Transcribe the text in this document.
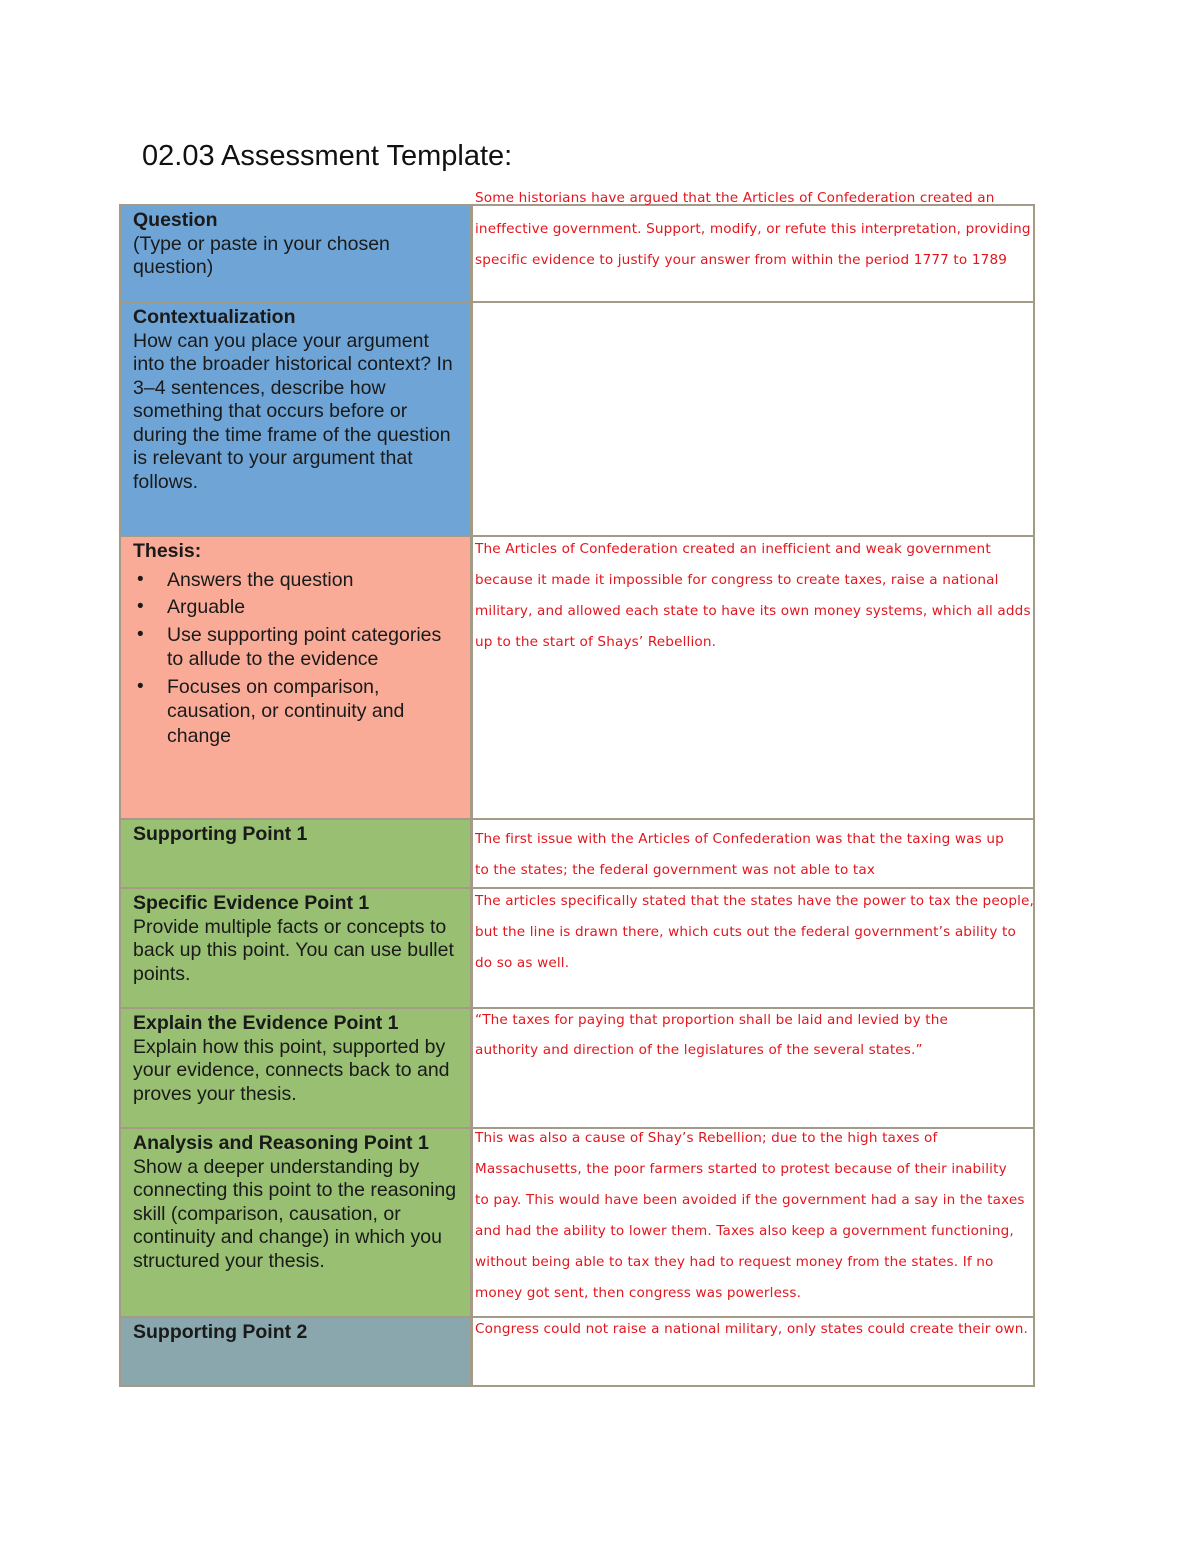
02.03 Assessment Template:
Question
(Type or paste in your chosen question)
Contextualization
How can you place your argument into the broader historical context? In 3–4 sentences, describe how something that occurs before or during the time frame of the question is relevant to your argument that follows.
Thesis:
• Answers the question
• Arguable
• Use supporting point categories to allude to the evidence
• Focuses on comparison, causation, or continuity and change
Supporting Point 1
Specific Evidence Point 1
Provide multiple facts or concepts to back up this point. You can use bullet points.
Explain the Evidence Point 1
Explain how this point, supported by your evidence, connects back to and proves your thesis.
Analysis and Reasoning Point 1
Show a deeper understanding by connecting this point to the reasoning skill (comparison, causation, or continuity and change) in which you structured your thesis.
Supporting Point 2
Some historians have argued that the Articles of Confederation created an ineffective government. Support, modify, or refute this interpretation, providing specific evidence to justify your answer from within the period 1777 to 1789
The Articles of Confederation created an inefficient and weak government because it made it impossible for congress to create taxes, raise a national military, and allowed each state to have its own money systems, which all adds up to the start of Shays’ Rebellion.
The first issue with the Articles of Confederation was that the taxing was up to the states; the federal government was not able to tax
The articles specifically stated that the states have the power to tax the people, but the line is drawn there, which cuts out the federal government’s ability to do so as well.
“The taxes for paying that proportion shall be laid and levied by the authority and direction of the legislatures of the several states.”
This was also a cause of Shay’s Rebellion; due to the high taxes of Massachusetts, the poor farmers started to protest because of their inability to pay. This would have been avoided if the government had a say in the taxes and had the ability to lower them. Taxes also keep a government functioning, without being able to tax they had to request money from the states. If no money got sent, then congress was powerless.
Congress could not raise a national military, only states could create their own.
